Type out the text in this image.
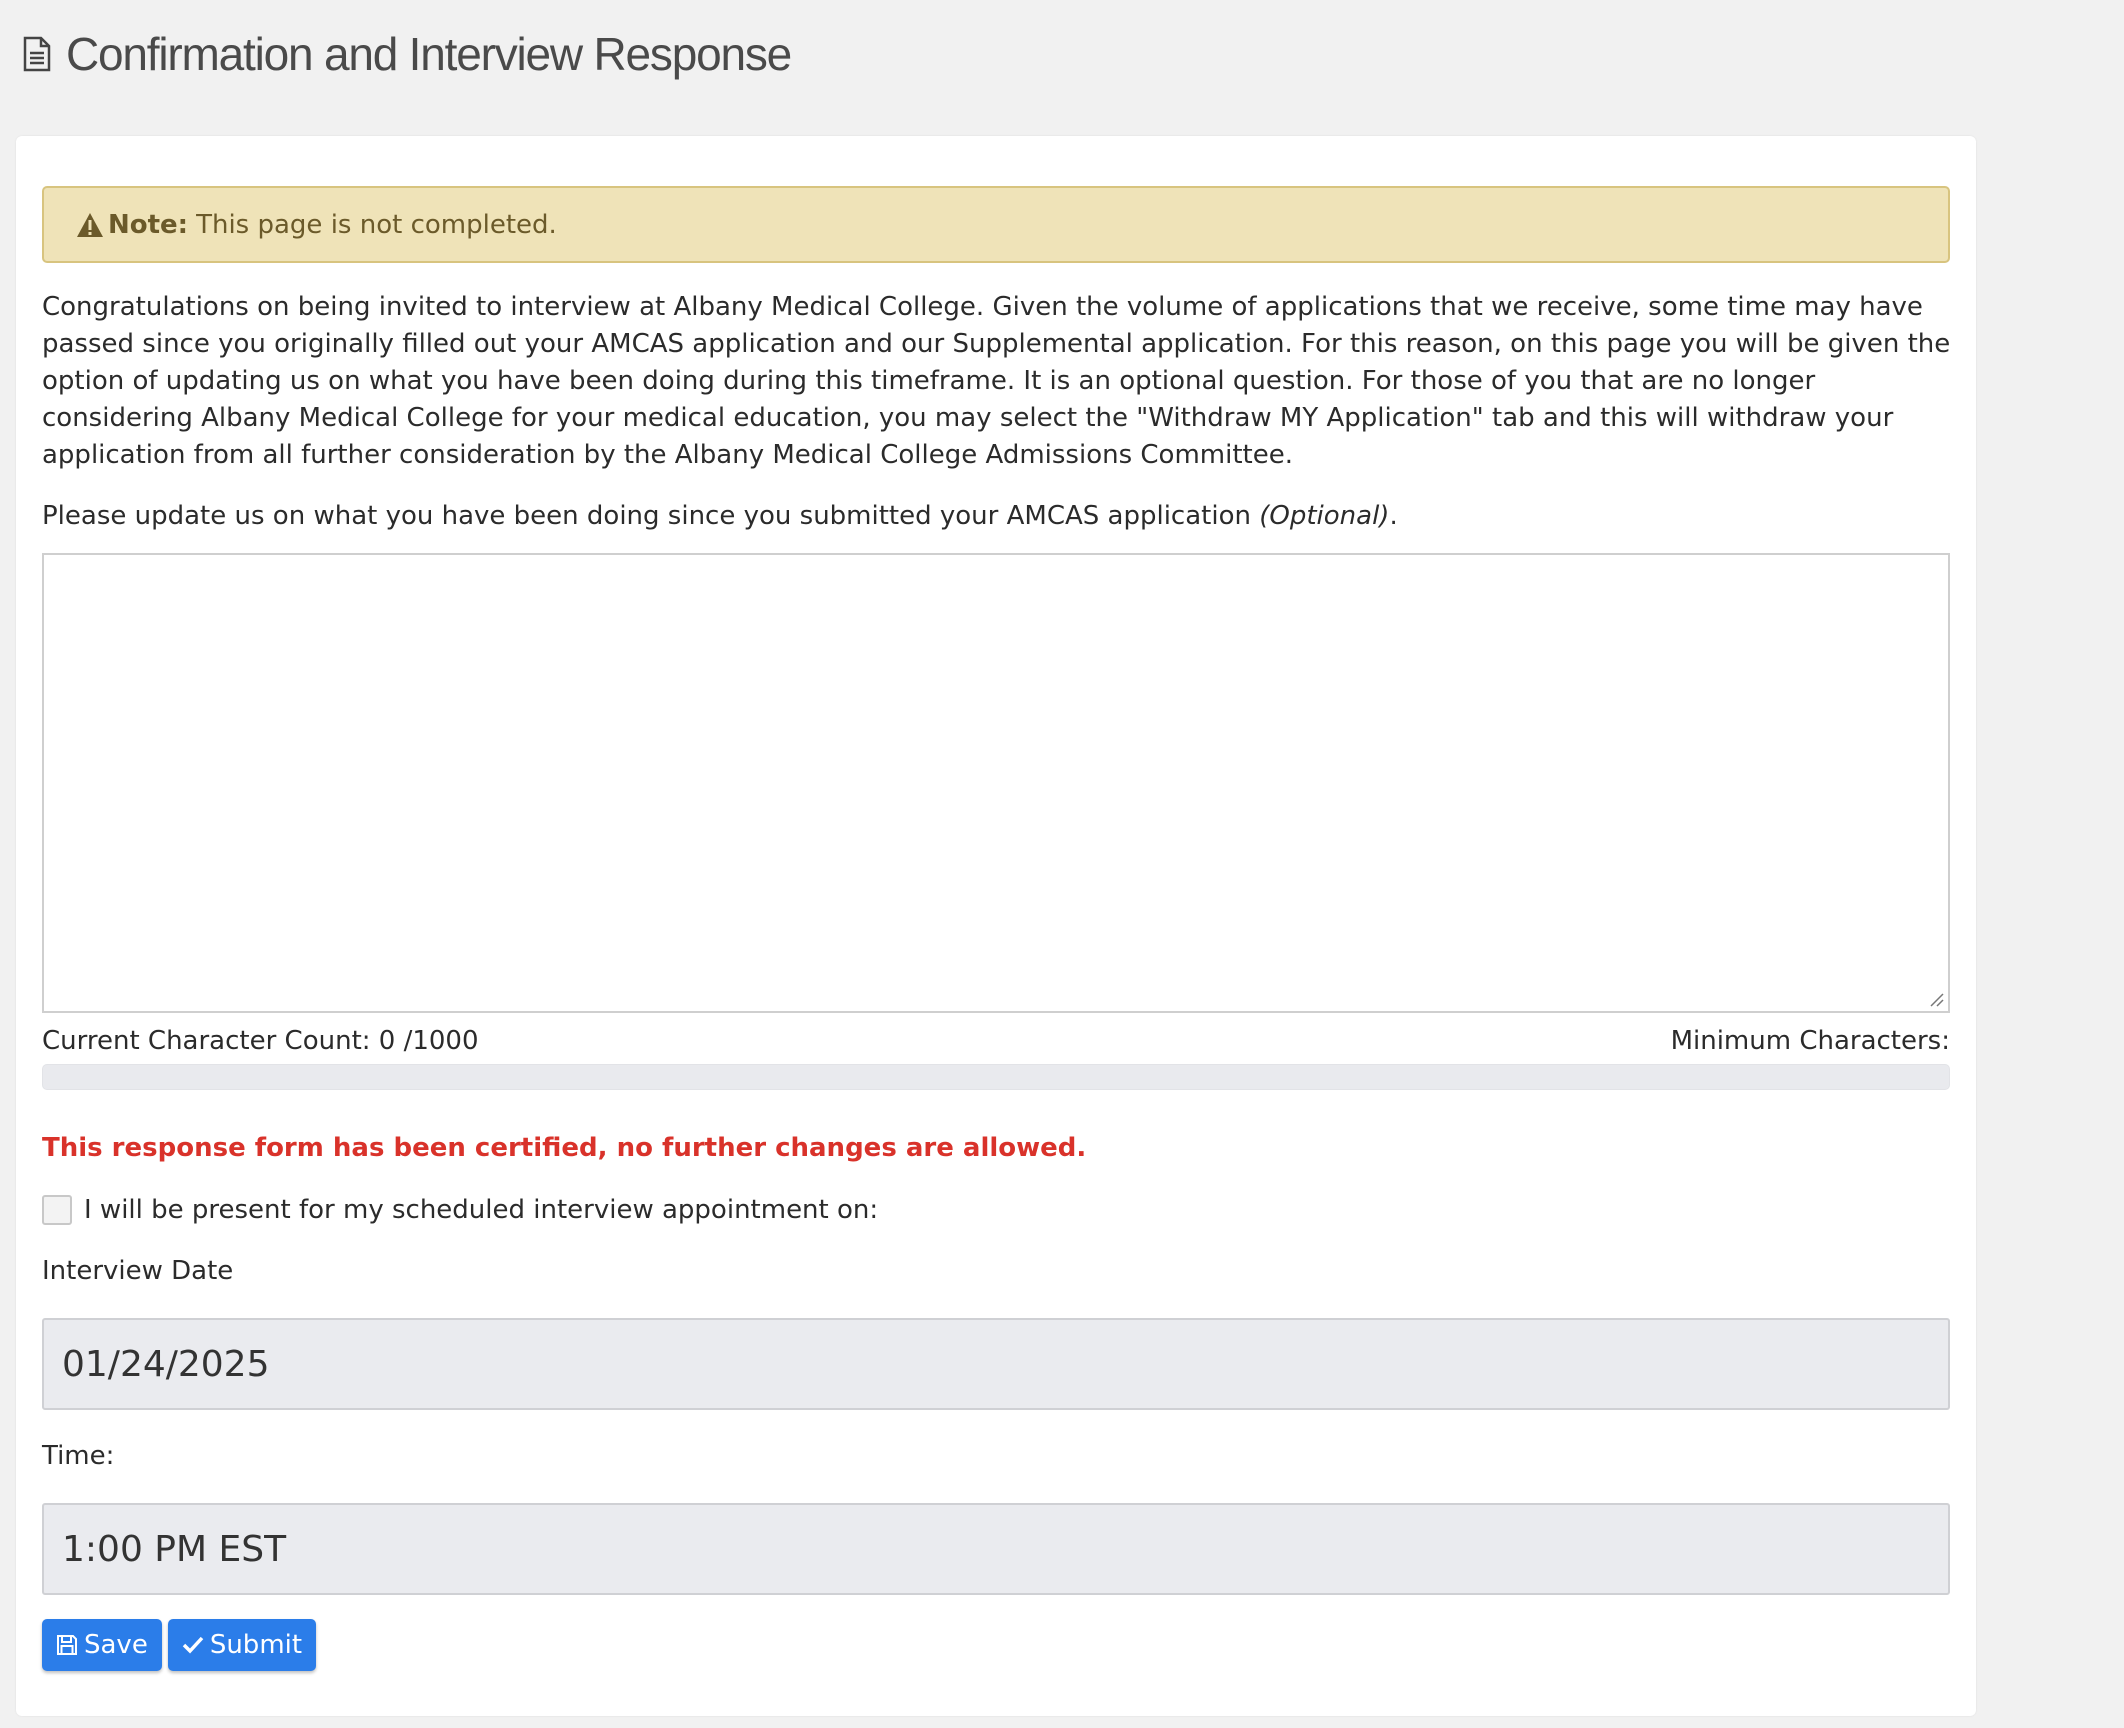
Confirmation and Interview Response
Note: This page is not completed.
Congratulations on being invited to interview at Albany Medical College. Given the volume of applications that we receive, some time may have passed since you originally filled out your AMCAS application and our Supplemental application. For this reason, on this page you will be given the option of updating us on what you have been doing during this timeframe. It is an optional question. For those of you that are no longer considering Albany Medical College for your medical education, you may select the "Withdraw MY Application" tab and this will withdraw your application from all further consideration by the Albany Medical College Admissions Committee.
Please update us on what you have been doing since you submitted your AMCAS application (Optional).
Current Character Count: 0 /1000	Minimum Characters:
This response form has been certified, no further changes are allowed.
I will be present for my scheduled interview appointment on:
Interview Date
01/24/2025
Time:
1:00 PM EST
Save Submit
